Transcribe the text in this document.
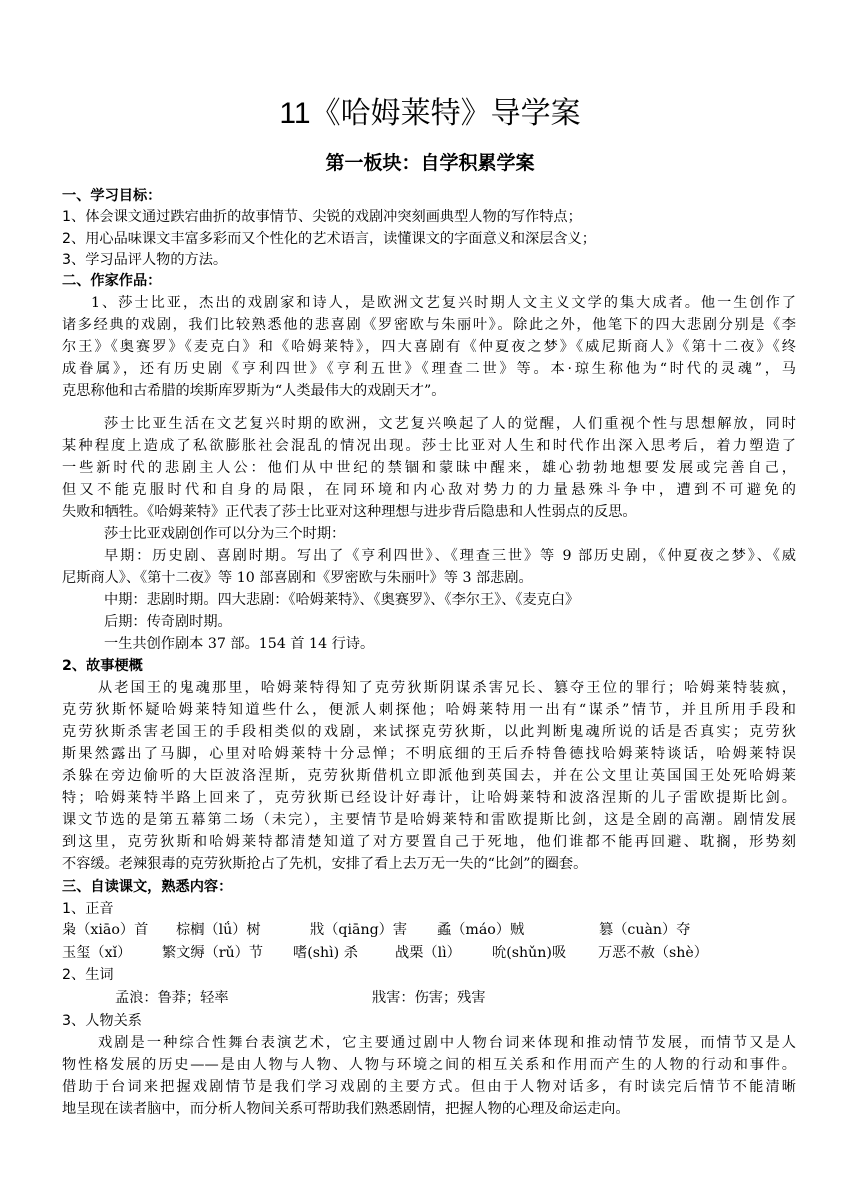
11《哈姆莱特》导学案
第一板块：自学积累学案
一、学习目标：
1、体会课文通过跌宕曲折的故事情节、尖锐的戏剧冲突刻画典型人物的写作特点；
2、用心品味课文丰富多彩而又个性化的艺术语言，读懂课文的字面意义和深层含义；
3、学习品评人物的方法。
二、作家作品：
1、莎士比亚，杰出的戏剧家和诗人，是欧洲文艺复兴时期人文主义文学的集大成者。他一生创作了
诸多经典的戏剧，我们比较熟悉他的悲喜剧《罗密欧与朱丽叶》。除此之外，他笔下的四大悲剧分别是《李
尔王》《奥赛罗》《麦克白》和《哈姆莱特》，四大喜剧有《仲夏夜之梦》《威尼斯商人》《第十二夜》《终
成眷属》，还有历史剧《亨利四世》《亨利五世》《理查二世》等。本·琼生称他为“时代的灵魂”，马
克思称他和古希腊的埃斯库罗斯为“人类最伟大的戏剧天才”。
莎士比亚生活在文艺复兴时期的欧洲，文艺复兴唤起了人的觉醒，人们重视个性与思想解放，同时
某种程度上造成了私欲膨胀社会混乱的情况出现。莎士比亚对人生和时代作出深入思考后，着力塑造了
一些新时代的悲剧主人公：他们从中世纪的禁锢和蒙昧中醒来，雄心勃勃地想要发展或完善自己，
但又不能克服时代和自身的局限，在同环境和内心敌对势力的力量悬殊斗争中，遭到不可避免的
失败和牺牲。《哈姆莱特》正代表了莎士比亚对这种理想与进步背后隐患和人性弱点的反思。
莎士比亚戏剧创作可以分为三个时期：
早期：历史剧、喜剧时期。写出了《亨利四世》、《理查三世》等 9 部历史剧，《仲夏夜之梦》、《威
尼斯商人》、《第十二夜》等 10 部喜剧和《罗密欧与朱丽叶》等 3 部悲剧。
中期：悲剧时期。四大悲剧：《哈姆莱特》、《奥赛罗》、《李尔王》、《麦克白》
后期：传奇剧时期。
一生共创作剧本 37 部。154 首 14 行诗。
2、故事梗概
从老国王的鬼魂那里，哈姆莱特得知了克劳狄斯阴谋杀害兄长、篡夺王位的罪行；哈姆莱特装疯，
克劳狄斯怀疑哈姆莱特知道些什么，便派人刺探他；哈姆莱特用一出有“谋杀”情节，并且所用手段和
克劳狄斯杀害老国王的手段相类似的戏剧，来试探克劳狄斯，以此判断鬼魂所说的话是否真实；克劳狄
斯果然露出了马脚，心里对哈姆莱特十分忌惮；不明底细的王后乔特鲁德找哈姆莱特谈话，哈姆莱特误
杀躲在旁边偷听的大臣波洛涅斯，克劳狄斯借机立即派他到英国去，并在公文里让英国国王处死哈姆莱
特；哈姆莱特半路上回来了，克劳狄斯已经设计好毒计，让哈姆莱特和波洛涅斯的儿子雷欧提斯比剑。
课文节选的是第五幕第二场（未完），主要情节是哈姆莱特和雷欧提斯比剑，这是全剧的高潮。剧情发展
到这里，克劳狄斯和哈姆莱特都清楚知道了对方要置自己于死地，他们谁都不能再回避、耽搁，形势刻
不容缓。老辣狠毒的克劳狄斯抢占了先机，安排了看上去万无一失的“比剑”的圈套。
三、自读课文，熟悉内容：
1、正音
枭（xiāo）首 棕榈（lǘ）树	戕（qiāng）害 蟊（máo）贼	篡（cuàn）夺
玉玺（xǐ） 繁文缛（rǔ）节 嗜(shì) 杀	战栗（lì） 吮(shǔn)吸 万恶不赦（shè）
2、生词
孟浪：鲁莽；轻率	戕害：伤害；残害
3、人物关系
戏剧是一种综合性舞台表演艺术，它主要通过剧中人物台词来体现和推动情节发展，而情节又是人
物性格发展的历史——是由人物与人物、人物与环境之间的相互关系和作用而产生的人物的行动和事件。
借助于台词来把握戏剧情节是我们学习戏剧的主要方式。但由于人物对话多，有时读完后情节不能清晰
地呈现在读者脑中，而分析人物间关系可帮助我们熟悉剧情，把握人物的心理及命运走向。
